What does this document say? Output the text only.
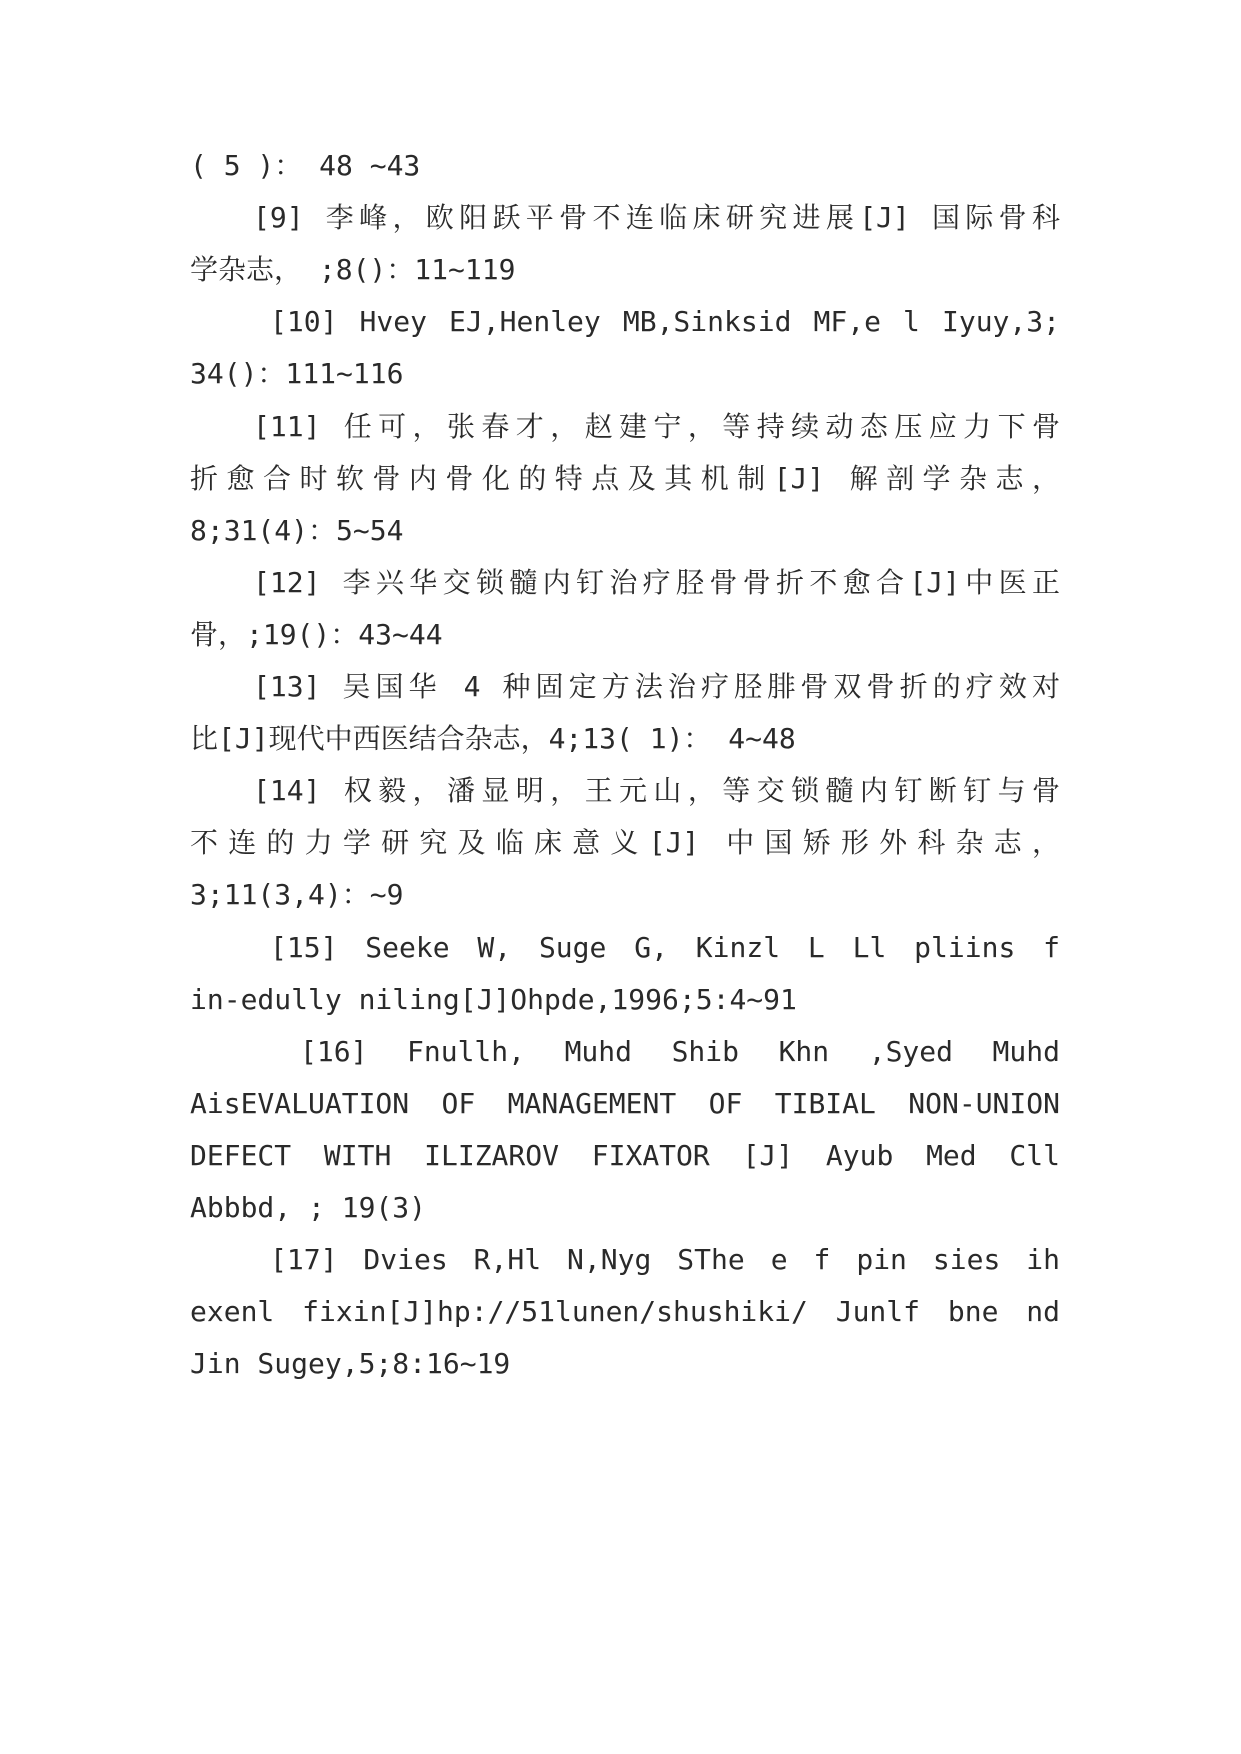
( 5 )： 48 ~43
[9] 李峰，欧阳跃平骨不连临床研究进展[J] 国际骨科
学杂志， ;8()：11~119
[10] Hvey EJ,Henley MB,Sinksid MF,e l Iyuy,3;
34()：111~116
[11] 任可，张春才，赵建宁，等持续动态压应力下骨
折愈合时软骨内骨化的特点及其机制[J] 解剖学杂志，
8;31(4)：5~54
[12] 李兴华交锁髓内钉治疗胫骨骨折不愈合[J]中医正
骨，;19()：43~44
[13] 吴国华 4 种固定方法治疗胫腓骨双骨折的疗效对
比[J]现代中西医结合杂志，4;13( 1)： 4~48
[14] 权毅，潘显明，王元山，等交锁髓内钉断钉与骨
不连的力学研究及临床意义[J] 中国矫形外科杂志，
3;11(3,4)：~9
[15] Seeke W, Suge G, Kinzl L Ll pliins f
in-edully niling[J]Ohpde,1996;5:4~91
[16] Fnullh, Muhd Shib Khn ,Syed Muhd
AisEVALUATION OF MANAGEMENT OF TIBIAL NON-UNION
DEFECT WITH ILIZAROV FIXATOR [J] Ayub Med Cll
Abbbd, ; 19(3)
[17] Dvies R,Hl N,Nyg SThe e f pin sies ih
exenl fixin[J]hp://51lunen/shushiki/ Junlf bne nd
Jin Sugey,5;8:16~19
